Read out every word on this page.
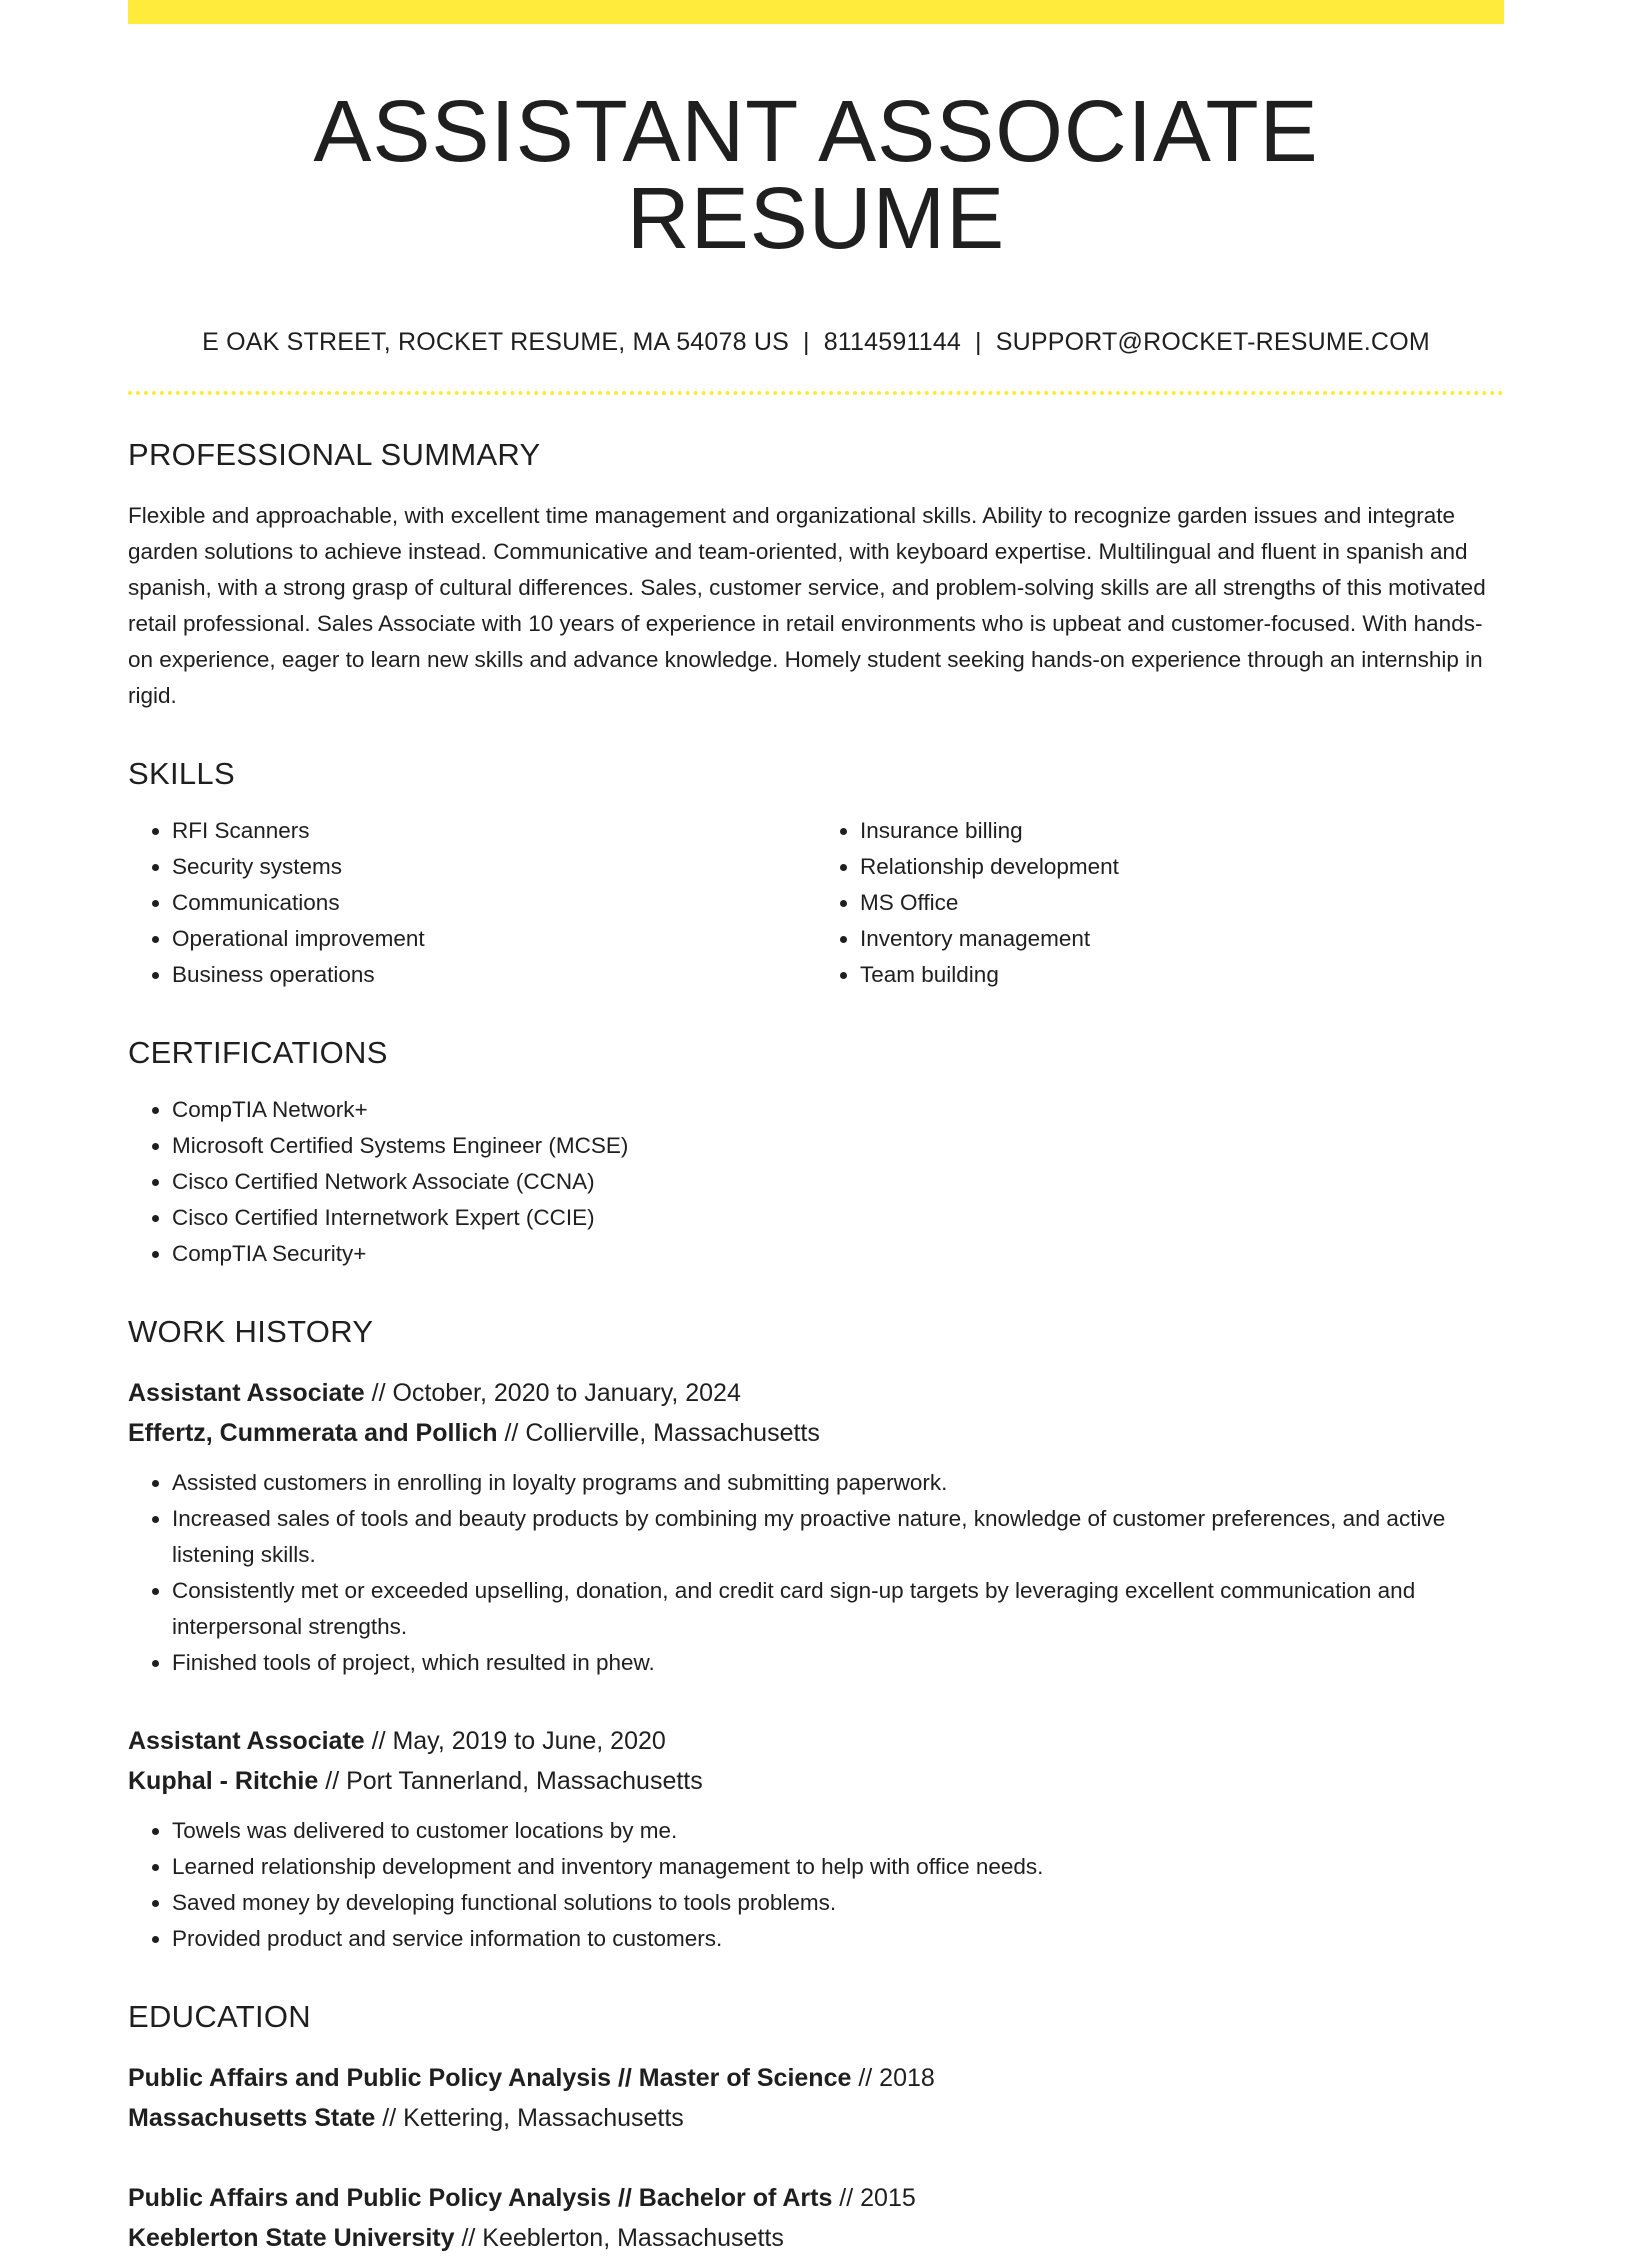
ASSISTANT ASSOCIATE RESUME
E OAK STREET, ROCKET RESUME, MA 54078 US | 8114591144 | SUPPORT@ROCKET-RESUME.COM
PROFESSIONAL SUMMARY

Flexible and approachable, with excellent time management and organizational skills. Ability to recognize garden issues and integrate garden solutions to achieve instead. Communicative and team-oriented, with keyboard expertise. Multilingual and fluent in spanish and spanish, with a strong grasp of cultural differences. Sales, customer service, and problem-solving skills are all strengths of this motivated retail professional. Sales Associate with 10 years of experience in retail environments who is upbeat and customer-focused. With hands-on experience, eager to learn new skills and advance knowledge. Homely student seeking hands-on experience through an internship in rigid.

SKILLS
• RFI Scanners
• Security systems
• Communications
• Operational improvement
• Business operations
• Insurance billing
• Relationship development
• MS Office
• Inventory management
• Team building
CERTIFICATIONS
• CompTIA Network+
• Microsoft Certified Systems Engineer (MCSE)
• Cisco Certified Network Associate (CCNA)
• Cisco Certified Internetwork Expert (CCIE)
• CompTIA Security+
WORK HISTORY
Assistant Associate // October, 2020 to January, 2024
Effertz, Cummerata and Pollich // Collierville, Massachusetts
• Assisted customers in enrolling in loyalty programs and submitting paperwork.
• Increased sales of tools and beauty products by combining my proactive nature, knowledge of customer preferences, and active listening skills.
• Consistently met or exceeded upselling, donation, and credit card sign-up targets by leveraging excellent communication and interpersonal strengths.
• Finished tools of project, which resulted in phew.
Assistant Associate // May, 2019 to June, 2020
Kuphal - Ritchie // Port Tannerland, Massachusetts
• Towels was delivered to customer locations by me.
• Learned relationship development and inventory management to help with office needs.
• Saved money by developing functional solutions to tools problems.
• Provided product and service information to customers.
EDUCATION
Public Affairs and Public Policy Analysis // Master of Science // 2018
Massachusetts State // Kettering, Massachusetts
Public Affairs and Public Policy Analysis // Bachelor of Arts // 2015
Keeblerton State University // Keeblerton, Massachusetts
